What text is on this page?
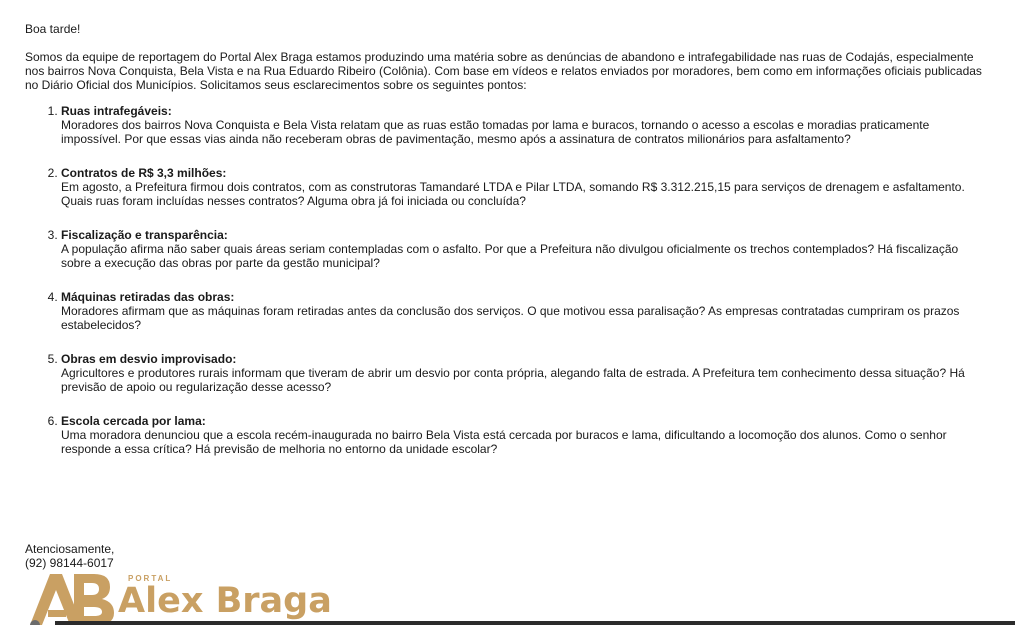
Boa tarde!

Somos da equipe de reportagem do Portal Alex Braga estamos produzindo uma matéria sobre as denúncias de abandono e intrafegabilidade nas ruas de Codajás, especialmente nos bairros Nova Conquista, Bela Vista e na Rua Eduardo Ribeiro (Colônia). Com base em vídeos e relatos enviados por moradores, bem como em informações oficiais publicadas no Diário Oficial dos Municípios. Solicitamos seus esclarecimentos sobre os seguintes pontos:

1. Ruas intrafegáveis:
Moradores dos bairros Nova Conquista e Bela Vista relatam que as ruas estão tomadas por lama e buracos, tornando o acesso a escolas e moradias praticamente impossível. Por que essas vias ainda não receberam obras de pavimentação, mesmo após a assinatura de contratos milionários para asfaltamento?
2. Contratos de R$ 3,3 milhões:
Em agosto, a Prefeitura firmou dois contratos, com as construtoras Tamandaré LTDA e Pilar LTDA, somando R$ 3.312.215,15 para serviços de drenagem e asfaltamento. Quais ruas foram incluídas nesses contratos? Alguma obra já foi iniciada ou concluída?
3. Fiscalização e transparência:
A população afirma não saber quais áreas seriam contempladas com o asfalto. Por que a Prefeitura não divulgou oficialmente os trechos contemplados? Há fiscalização sobre a execução das obras por parte da gestão municipal?
4. Máquinas retiradas das obras:
Moradores afirmam que as máquinas foram retiradas antes da conclusão dos serviços. O que motivou essa paralisação? As empresas contratadas cumpriram os prazos estabelecidos?
5. Obras em desvio improvisado:
Agricultores e produtores rurais informam que tiveram de abrir um desvio por conta própria, alegando falta de estrada. A Prefeitura tem conhecimento dessa situação? Há previsão de apoio ou regularização desse acesso?
6. Escola cercada por lama:
Uma moradora denunciou que a escola recém-inaugurada no bairro Bela Vista está cercada por buracos e lama, dificultando a locomoção dos alunos. Como o senhor responde a essa crítica? Há previsão de melhoria no entorno da unidade escolar?
Atenciosamente,
(92) 98144-6017
PORTAL
Alex Braga
